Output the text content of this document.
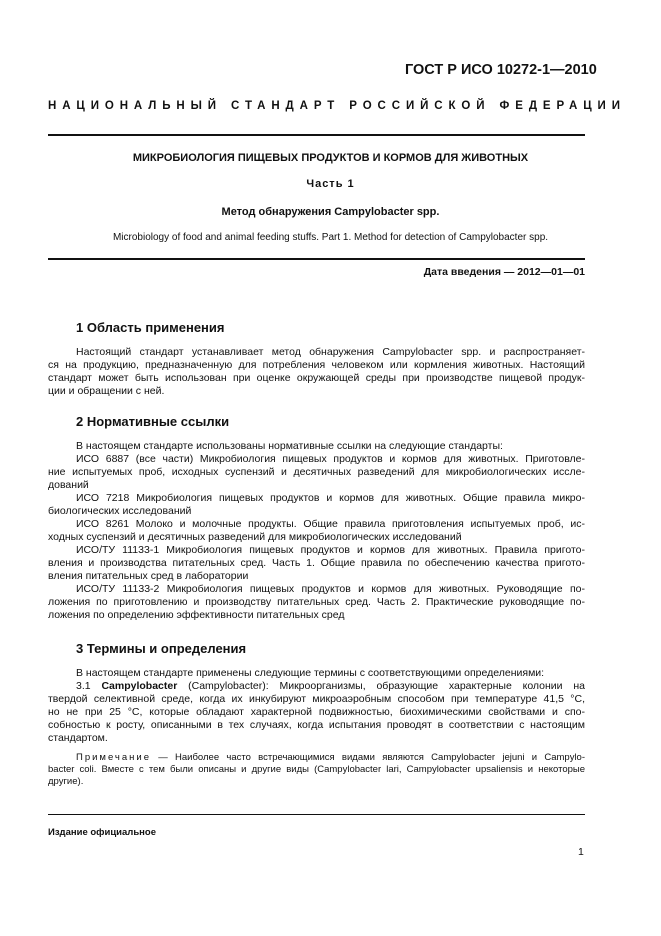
ГОСТ Р ИСО 10272-1—2010
НАЦИОНАЛЬНЫЙ СТАНДАРТ РОССИЙСКОЙ ФЕДЕРАЦИИ
МИКРОБИОЛОГИЯ ПИЩЕВЫХ ПРОДУКТОВ И КОРМОВ ДЛЯ ЖИВОТНЫХ
Часть 1
Метод обнаружения Campylobacter spp.
Microbiology of food and animal feeding stuffs. Part 1. Method for detection of Campylobacter spp.
Дата введения — 2012—01—01
1 Область применения
Настоящий стандарт устанавливает метод обнаружения Campylobacter spp. и распространяет-
ся на продукцию, предназначенную для потребления человеком или кормления животных. Настоящий
стандарт может быть использован при оценке окружающей среды при производстве пищевой продук-
ции и обращении с ней.
2 Нормативные ссылки
В настоящем стандарте использованы нормативные ссылки на следующие стандарты:
ИСО 6887 (все части) Микробиология пищевых продуктов и кормов для животных. Приготовле-
ние испытуемых проб, исходных суспензий и десятичных разведений для микробиологических иссле-
дований
ИСО 7218 Микробиология пищевых продуктов и кормов для животных. Общие правила микро-
биологических исследований
ИСО 8261 Молоко и молочные продукты. Общие правила приготовления испытуемых проб, ис-
ходных суспензий и десятичных разведений для микробиологических исследований
ИСО/ТУ 11133-1 Микробиология пищевых продуктов и кормов для животных. Правила пригото-
вления и производства питательных сред. Часть 1. Общие правила по обеспечению качества пригото-
вления питательных сред в лаборатории
ИСО/ТУ 11133-2 Микробиология пищевых продуктов и кормов для животных. Руководящие по-
ложения по приготовлению и производству питательных сред. Часть 2. Практические руководящие по-
ложения по определению эффективности питательных сред
3 Термины и определения
В настоящем стандарте применены следующие термины с соответствующими определениями:
3.1 Campylobacter (Campylobacter): Микроорганизмы, образующие характерные колонии на
твердой селективной среде, когда их инкубируют микроаэробным способом при температуре 41,5 °С,
но не при 25 °С, которые обладают характерной подвижностью, биохимическими свойствами и спо-
собностью к росту, описанными в тех случаях, когда испытания проводят в соответствии с настоящим
стандартом.
Примечание — Наиболее часто встречающимися видами являются Campylobacter jejuni и Campylo-
bacter coli. Вместе с тем были описаны и другие виды (Campylobacter lari, Campylobacter upsaliensis и некоторые
другие).
Издание официальное
1
